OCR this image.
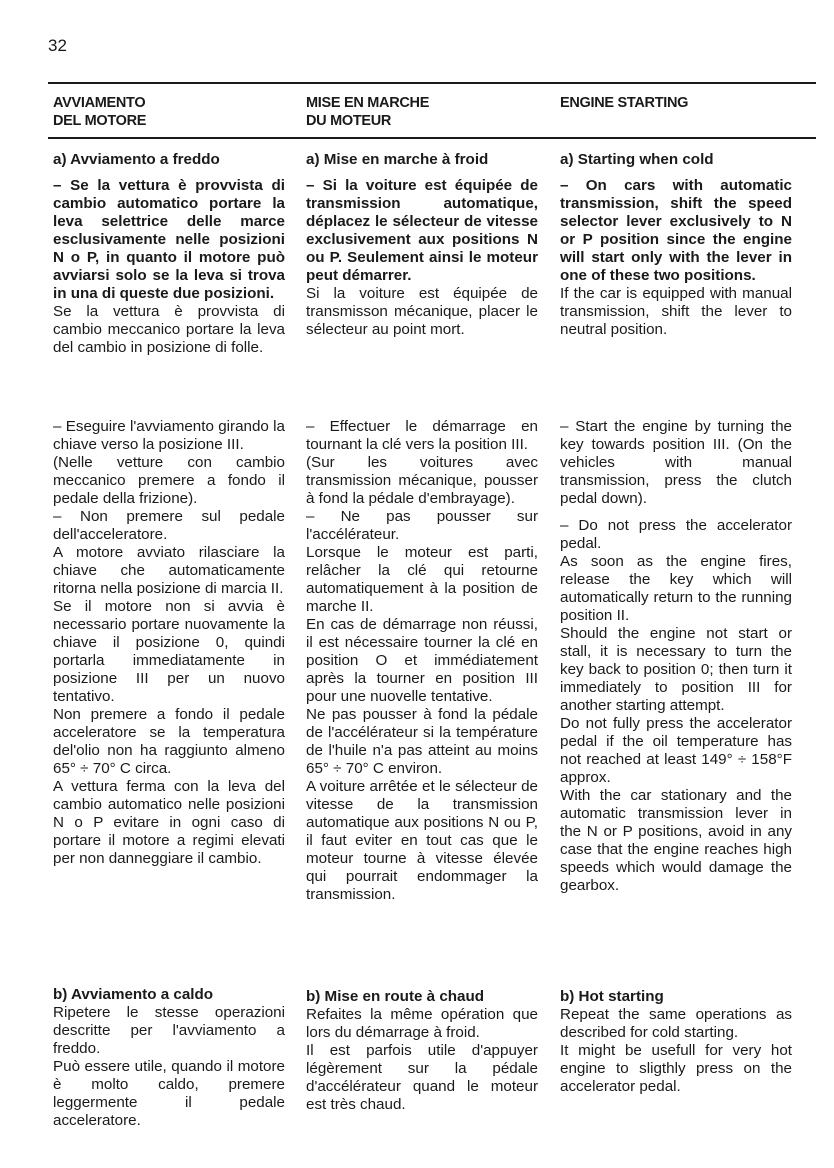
32
AVVIAMENTO
DEL MOTORE
a) Avviamento a freddo

– Se la vettura è provvista di cambio automatico portare la leva selettrice delle marce esclusivamente nelle posizioni N o P, in quanto il motore può avviarsi solo se la leva si trova in una di queste due posizioni.

Se la vettura è provvista di cambio meccanico portare la leva del cambio in posizione di folle.

– Eseguire l'avviamento girando la chiave verso la posizione III.

(Nelle vetture con cambio meccanico premere a fondo il pedale della frizione).

– Non premere sul pedale dell'acceleratore.

A motore avviato rilasciare la chiave che automaticamente ritorna nella posizione di marcia II.

Se il motore non si avvia è necessario portare nuovamente la chiave il posizione 0, quindi portarla immediatamente in posizione III per un nuovo tentativo.

Non premere a fondo il pedale acceleratore se la temperatura del'olio non ha raggiunto almeno 65° ÷ 70° C circa.

A vettura ferma con la leva del cambio automatico nelle posizioni N o P evitare in ogni caso di portare il motore a regimi elevati per non danneggiare il cambio.

b) Avviamento a caldo

Ripetere le stesse operazioni descritte per l'avviamento a freddo.

Può essere utile, quando il motore è molto caldo, premere leggermente il pedale acceleratore.

MISE EN MARCHE
DU MOTEUR
a) Mise en marche à froid

– Si la voiture est équipée de transmission automatique, déplacez le sélecteur de vitesse exclusivement aux positions N ou P. Seulement ainsi le moteur peut démarrer.

Si la voiture est équipée de transmisson mécanique, placer le sélecteur au point mort.

– Effectuer le démarrage en tournant la clé vers la position III.

(Sur les voitures avec transmission mécanique, pousser à fond la pédale d'embrayage).

– Ne pas pousser sur l'accélérateur.

Lorsque le moteur est parti, relâcher la clé qui retourne automatiquement à la position de marche II.

En cas de démarrage non réussi, il est nécessaire tourner la clé en position O et immédiatement après la tourner en position III pour une nuovelle tentative.

Ne pas pousser à fond la pédale de l'accélérateur si la température de l'huile n'a pas atteint au moins 65° ÷ 70° C environ.

A voiture arrêtée et le sélecteur de vitesse de la transmission automatique aux positions N ou P, il faut eviter en tout cas que le moteur tourne à vitesse élevée qui pourrait endommager la transmission.

b) Mise en route à chaud

Refaites la même opération que lors du démarrage à froid.

Il est parfois utile d'appuyer légèrement sur la pédale d'accélérateur quand le moteur est très chaud.

ENGINE STARTING
a) Starting when cold

– On cars with automatic transmission, shift the speed selector lever exclusively to N or P position since the engine will start only with the lever in one of these two positions.

If the car is equipped with manual transmission, shift the lever to neutral position.

– Start the engine by turning the key towards position III. (On the vehicles with manual transmission, press the clutch pedal down).

– Do not press the accelerator pedal.

As soon as the engine fires, release the key which will automatically return to the running position II.

Should the engine not start or stall, it is necessary to turn the key back to position 0; then turn it immediately to position III for another starting attempt.

Do not fully press the accelerator pedal if the oil temperature has not reached at least 149° ÷ 158°F approx.

With the car stationary and the automatic transmission lever in the N or P positions, avoid in any case that the engine reaches high speeds which would damage the gearbox.

b) Hot starting

Repeat the same operations as described for cold starting.

It might be usefull for very hot engine to sligthly press on the accelerator pedal.
